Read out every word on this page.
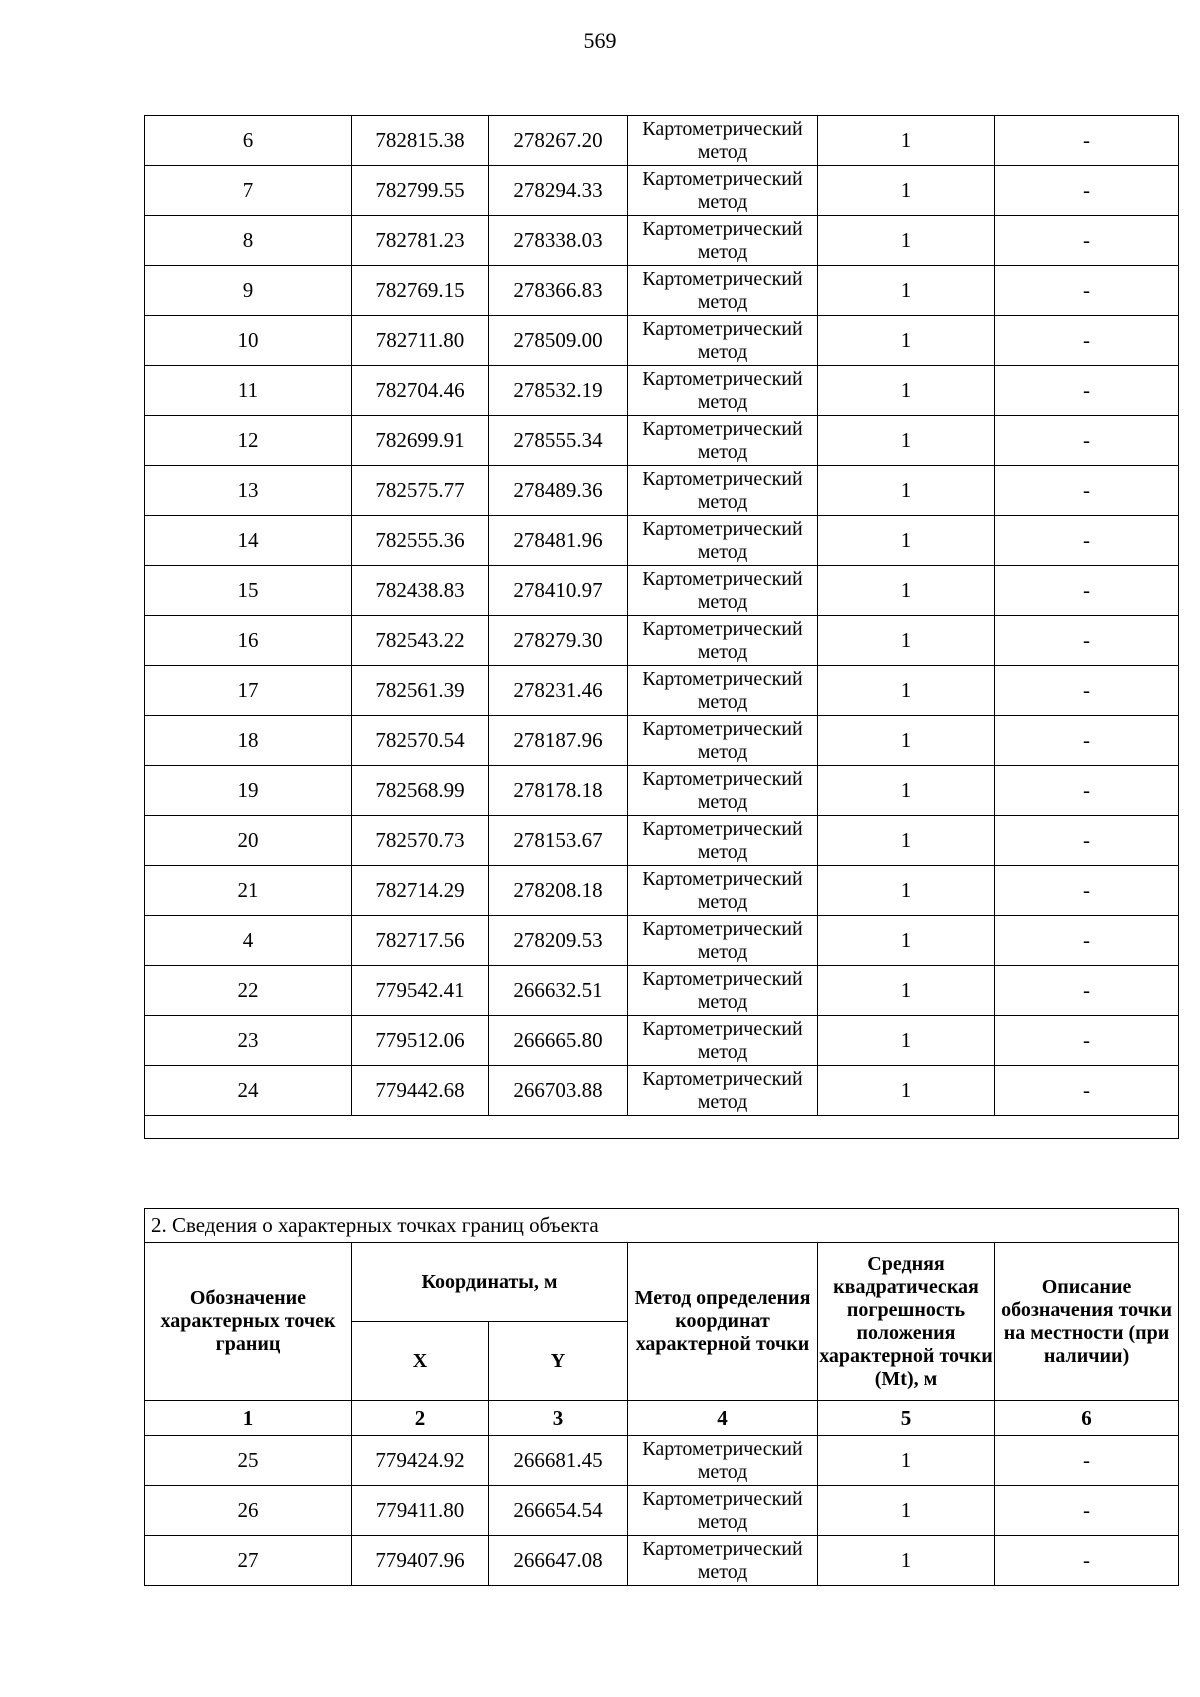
569
6	782815.38	278267.20	Картометрический метод	1	-
7	782799.55	278294.33	Картометрический метод	1	-
8	782781.23	278338.03	Картометрический метод	1	-
9	782769.15	278366.83	Картометрический метод	1	-
10	782711.80	278509.00	Картометрический метод	1	-
11	782704.46	278532.19	Картометрический метод	1	-
12	782699.91	278555.34	Картометрический метод	1	-
13	782575.77	278489.36	Картометрический метод	1	-
14	782555.36	278481.96	Картометрический метод	1	-
15	782438.83	278410.97	Картометрический метод	1	-
16	782543.22	278279.30	Картометрический метод	1	-
17	782561.39	278231.46	Картометрический метод	1	-
18	782570.54	278187.96	Картометрический метод	1	-
19	782568.99	278178.18	Картометрический метод	1	-
20	782570.73	278153.67	Картометрический метод	1	-
21	782714.29	278208.18	Картометрический метод	1	-
4	782717.56	278209.53	Картометрический метод	1	-
22	779542.41	266632.51	Картометрический метод	1	-
23	779512.06	266665.80	Картометрический метод	1	-
24	779442.68	266703.88	Картометрический метод	1	-

2. Сведения о характерных точках границ объекта					
Обозначение характерных точек границ	Координаты, м		Метод определения координат характерной точки	Средняя квадратическая погрешность положения характерной точки (Mt), м	Описание обозначения точки на местности (при наличии)
	X	Y			
1	2	3	4	5	6
25	779424.92	266681.45	Картометрический метод	1	-
26	779411.80	266654.54	Картометрический метод	1	-
27	779407.96	266647.08	Картометрический метод	1	-
